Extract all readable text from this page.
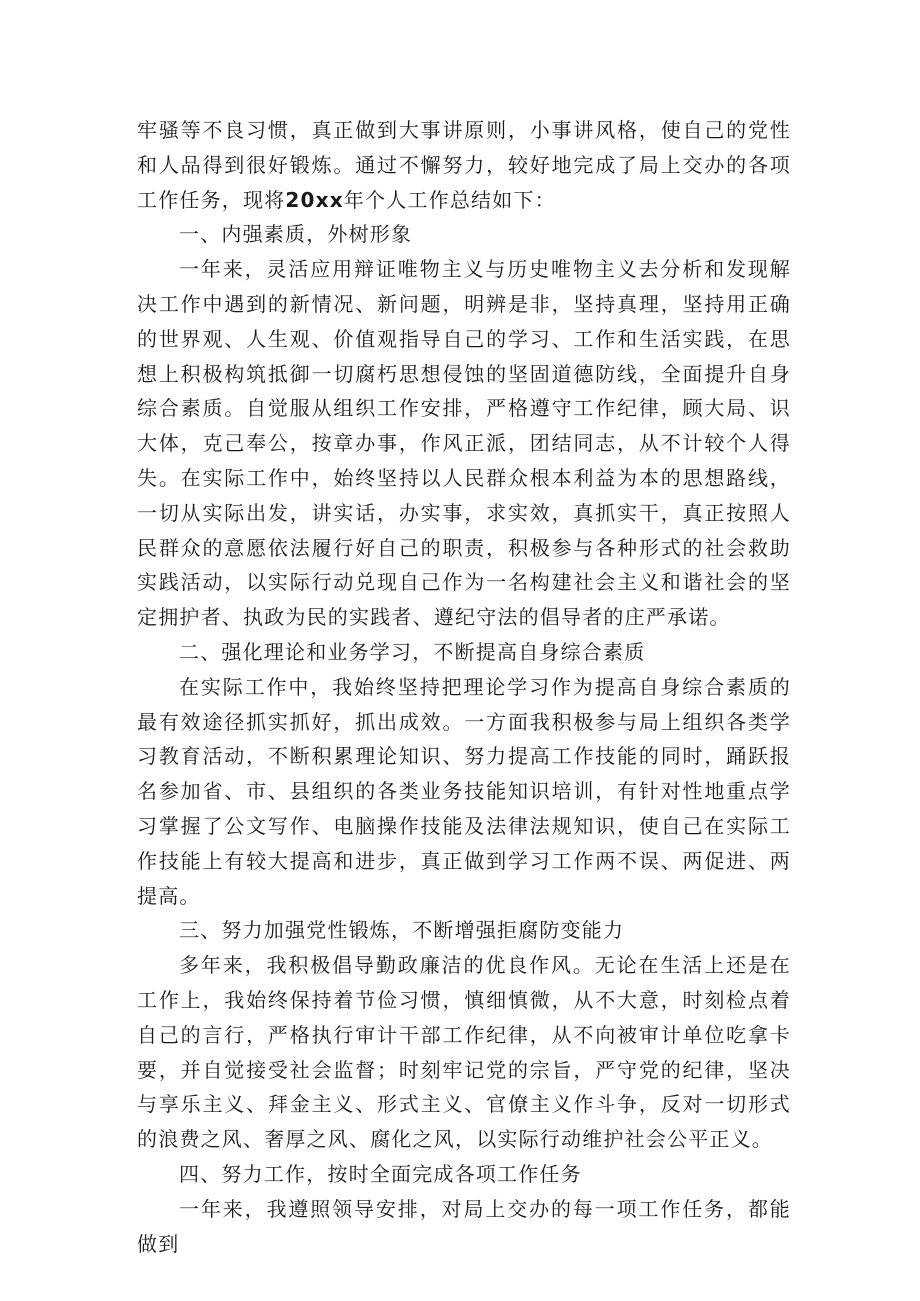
牢骚等不良习惯，真正做到大事讲原则，小事讲风格，使自己的党性和人品得到很好锻炼。通过不懈努力，较好地完成了局上交办的各项工作任务，现将20xx年个人工作总结如下：

一、内强素质，外树形象

一年来，灵活应用辩证唯物主义与历史唯物主义去分析和发现解决工作中遇到的新情况、新问题，明辨是非，坚持真理，坚持用正确的世界观、人生观、价值观指导自己的学习、工作和生活实践，在思想上积极构筑抵御一切腐朽思想侵蚀的坚固道德防线，全面提升自身综合素质。自觉服从组织工作安排，严格遵守工作纪律，顾大局、识大体，克己奉公，按章办事，作风正派，团结同志，从不计较个人得失。在实际工作中，始终坚持以人民群众根本利益为本的思想路线，一切从实际出发，讲实话，办实事，求实效，真抓实干，真正按照人民群众的意愿依法履行好自己的职责，积极参与各种形式的社会救助实践活动，以实际行动兑现自己作为一名构建社会主义和谐社会的坚定拥护者、执政为民的实践者、遵纪守法的倡导者的庄严承诺。

二、强化理论和业务学习，不断提高自身综合素质

在实际工作中，我始终坚持把理论学习作为提高自身综合素质的最有效途径抓实抓好，抓出成效。一方面我积极参与局上组织各类学习教育活动，不断积累理论知识、努力提高工作技能的同时，踊跃报名参加省、市、县组织的各类业务技能知识培训，有针对性地重点学习掌握了公文写作、电脑操作技能及法律法规知识，使自己在实际工作技能上有较大提高和进步，真正做到学习工作两不误、两促进、两提高。

三、努力加强党性锻炼，不断增强拒腐防变能力

多年来，我积极倡导勤政廉洁的优良作风。无论在生活上还是在工作上，我始终保持着节俭习惯，慎细慎微，从不大意，时刻检点着自己的言行，严格执行审计干部工作纪律，从不向被审计单位吃拿卡要，并自觉接受社会监督；时刻牢记党的宗旨，严守党的纪律，坚决与享乐主义、拜金主义、形式主义、官僚主义作斗争，反对一切形式的浪费之风、奢厚之风、腐化之风，以实际行动维护社会公平正义。

四、努力工作，按时全面完成各项工作任务

一年来，我遵照领导安排，对局上交办的每一项工作任务，都能做到
